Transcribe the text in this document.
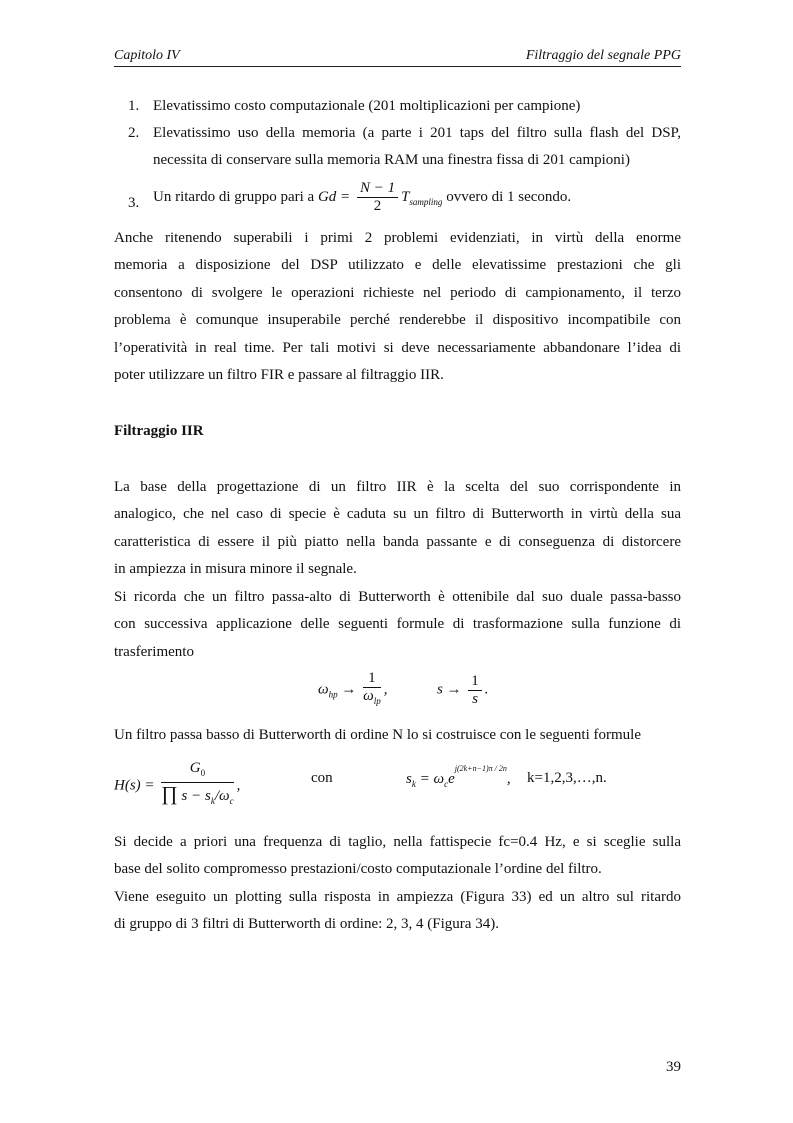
Capitolo IV	Filtraggio del segnale PPG
1. Elevatissimo costo computazionale (201 moltiplicazioni per campione)
2. Elevatissimo uso della memoria (a parte i 201 taps del filtro sulla flash del DSP, necessita di conservare sulla memoria RAM una finestra fissa di 201 campioni)
3. Un ritardo di gruppo pari a $Gd = \frac{N - 1}{2} T_{sampling}$ ovvero di 1 secondo.
Anche ritenendo superabili i primi 2 problemi evidenziati, in virtù della enorme
memoria a disposizione del DSP utilizzato e delle elevatissime prestazioni che gli
consentono di svolgere le operazioni richieste nel periodo di campionamento, il terzo
problema è comunque insuperabile perché renderebbe il dispositivo incompatibile con
l’operatività in real time. Per tali motivi si deve necessariamente abbandonare l’idea di
poter utilizzare un filtro FIR e passare al filtraggio IIR.
Filtraggio IIR
La base della progettazione di un filtro IIR è la scelta del suo corrispondente in
analogico, che nel caso di specie è caduta su un filtro di Butterworth in virtù della sua
caratteristica di essere il più piatto nella banda passante e di conseguenza di distorcere
in ampiezza in misura minore il segnale.
Si ricorda che un filtro passa-alto di Butterworth è ottenibile dal suo duale passa-basso
con successiva applicazione delle seguenti formule di trasformazione sulla funzione di
trasferimento
$\omega_{hp} \to \frac{1}{\omega_{lp}}$ ,	$s \to \frac{1}{s}$ .
Un filtro passa basso di Butterworth di ordine N lo si costruisce con le seguenti formule
$H(s) = \frac{G_0}{\prod s - s_k/\omega_c}$ ,	con	$s_k = \omega_ce^{j(2k+n-1)\pi / 2n}$, k=1,2,3,…,n.
Si decide a priori una frequenza di taglio, nella fattispecie fc=0.4 Hz, e si sceglie sulla
base del solito compromesso prestazioni/costo computazionale l’ordine del filtro.
Viene eseguito un plotting sulla risposta in ampiezza (Figura 33) ed un altro sul ritardo
di gruppo di 3 filtri di Butterworth di ordine: 2, 3, 4 (Figura 34).
39
